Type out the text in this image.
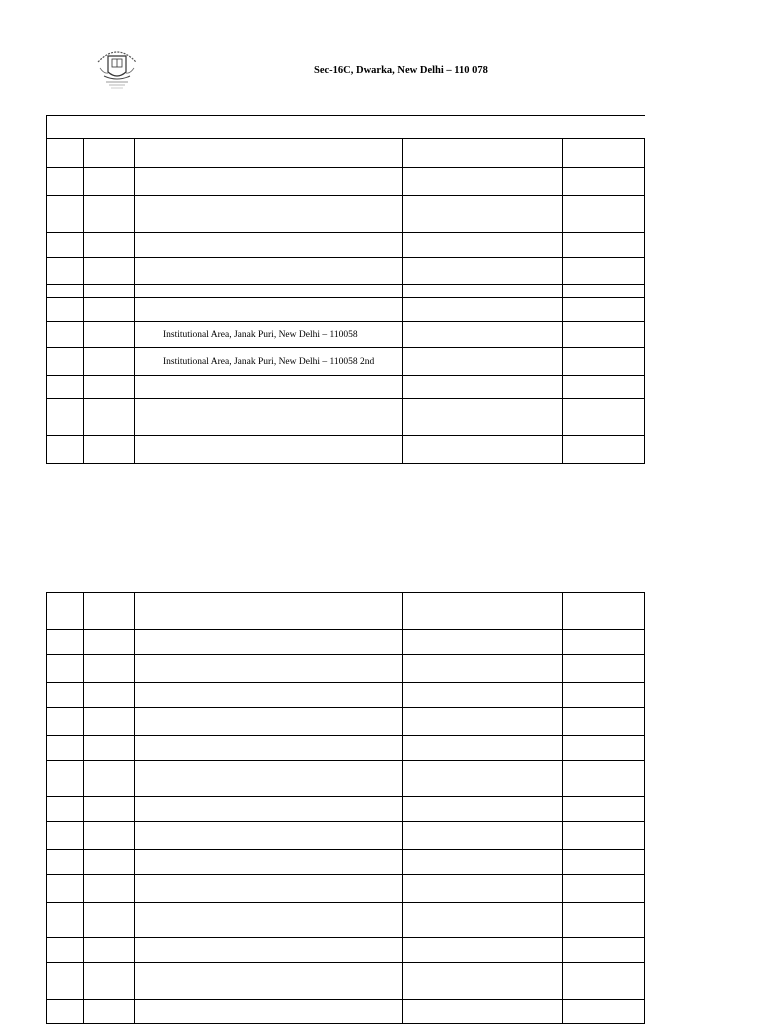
Sec-16C, Dwarka, New Delhi – 110 078

		Institutional Area, Janak Puri, New Delhi – 110058		
		Institutional Area, Janak Puri, New Delhi – 110058 2nd		
